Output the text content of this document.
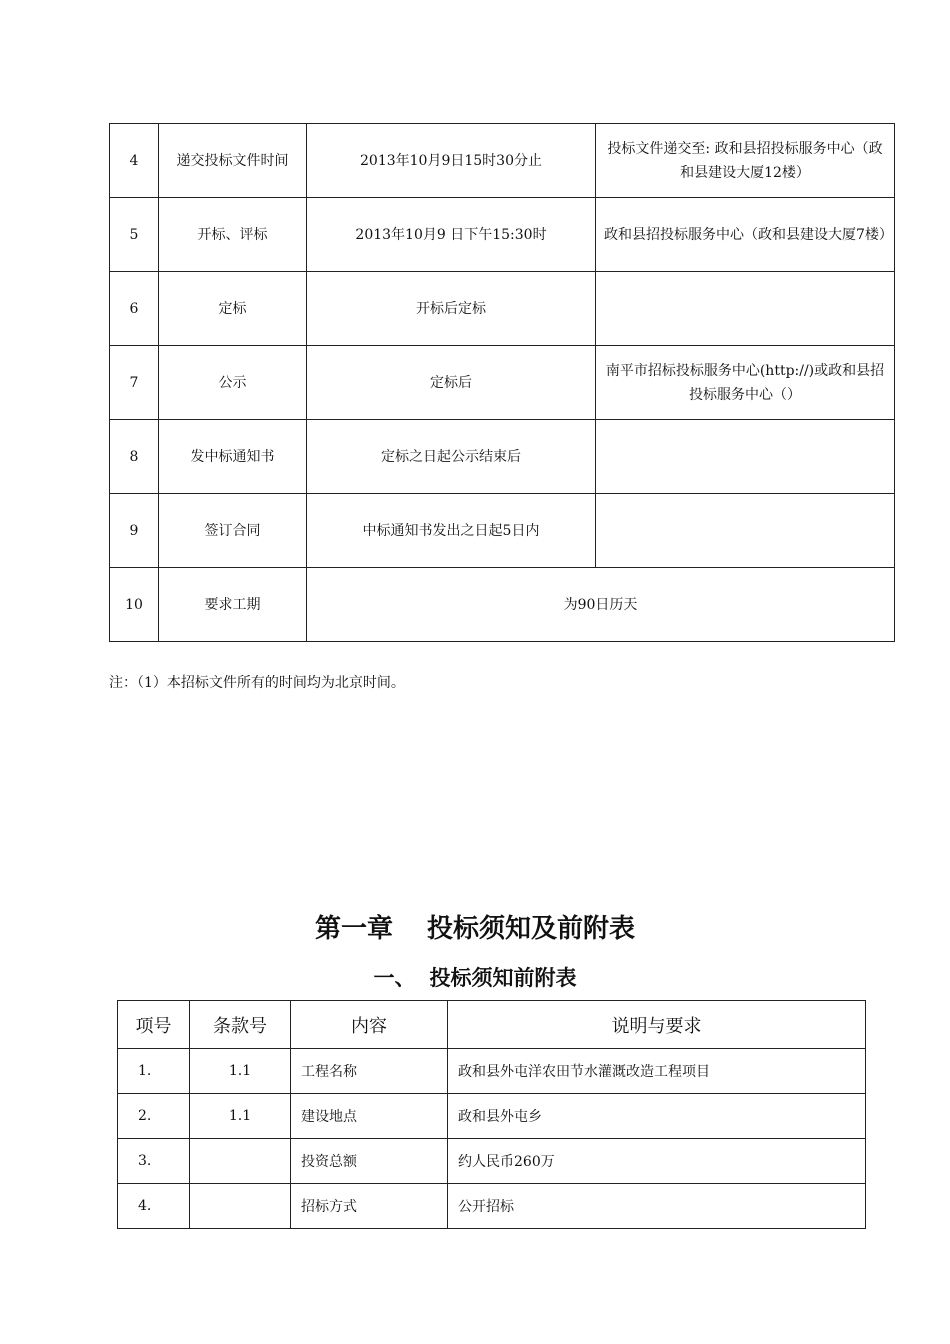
4	递交投标文件时间	2013年10月9日15时30分止	投标文件递交至: 政和县招投标服务中心（政和县建设大厦12楼）
5	开标、评标	2013年10月9 日下午15:30时	政和县招投标服务中心（政和县建设大厦7楼）
6	定标	开标后定标	
7	公示	定标后	南平市招标投标服务中心(http://)或政和县招投标服务中心（）
8	发中标通知书	定标之日起公示结束后	
9	签订合同	中标通知书发出之日起5日内	
10	要求工期	为90日历天	
注：（1）本招标文件所有的时间均为北京时间。
第一章 投标须知及前附表
一、 投标须知前附表
项号	条款号	内容	说明与要求
1.	1.1	工程名称	政和县外屯洋农田节水灌溉改造工程项目
2.	1.1	建设地点	政和县外屯乡
3.		投资总额	约人民币260万
4.		招标方式	公开招标
